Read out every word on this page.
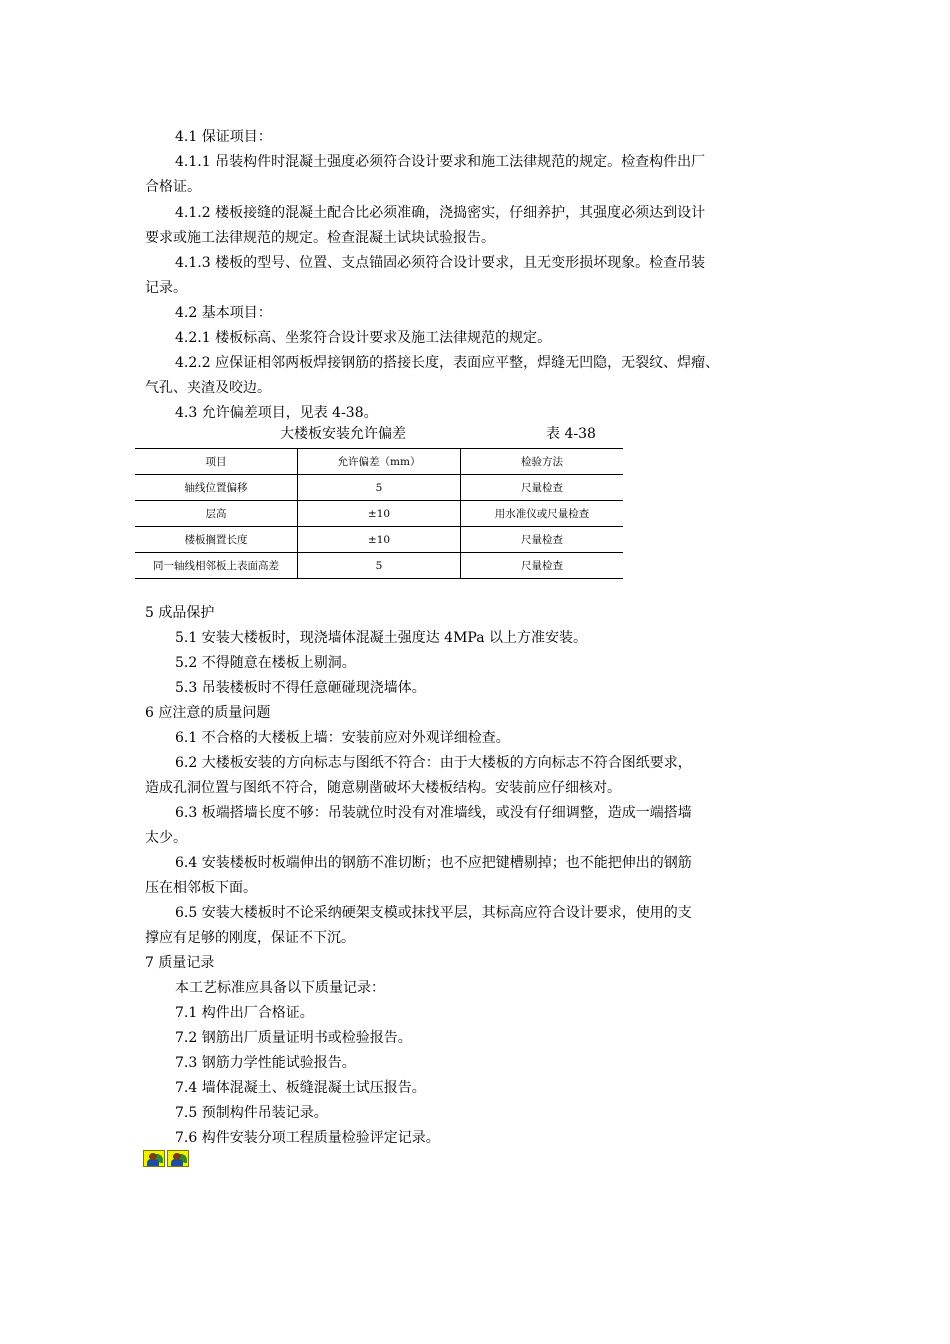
4.1 保证项目：
4.1.1 吊装构件时混凝土强度必须符合设计要求和施工法律规范的规定。检查构件出厂
合格证。
4.1.2 楼板接缝的混凝土配合比必须准确，浇捣密实，仔细养护，其强度必须达到设计
要求或施工法律规范的规定。检查混凝土试块试验报告。
4.1.3 楼板的型号、位置、支点锚固必须符合设计要求，且无变形损坏现象。检查吊装
记录。
4.2 基本项目：
4.2.1 楼板标高、坐浆符合设计要求及施工法律规范的规定。
4.2.2 应保证相邻两板焊接钢筋的搭接长度，表面应平整，焊缝无凹隐，无裂纹、焊瘤、
气孔、夹渣及咬边。
4.3 允许偏差项目，见表 4-38。
大楼板安装允许偏差	表 4-38
项目	允许偏差（mm）	检验方法
轴线位置偏移	5	尺量检查
层高	±10	用水准仪或尺量检查
楼板搁置长度	±10	尺量检查
同一轴线相邻板上表面高差	5	尺量检查
5 成品保护
5.1 安装大楼板时，现浇墙体混凝土强度达 4MPa 以上方准安装。
5.2 不得随意在楼板上剔洞。
5.3 吊装楼板时不得任意砸碰现浇墙体。
6 应注意的质量问题
6.1 不合格的大楼板上墙：安装前应对外观详细检查。
6.2 大楼板安装的方向标志与图纸不符合：由于大楼板的方向标志不符合图纸要求，
造成孔洞位置与图纸不符合，随意剔凿破坏大楼板结构。安装前应仔细核对。
6.3 板端搭墙长度不够：吊装就位时没有对准墙线，或没有仔细调整，造成一端搭墙
太少。
6.4 安装楼板时板端伸出的钢筋不准切断；也不应把键槽剔掉；也不能把伸出的钢筋
压在相邻板下面。
6.5 安装大楼板时不论采纳硬架支模或抹找平层，其标高应符合设计要求，使用的支
撑应有足够的刚度，保证不下沉。
7 质量记录
本工艺标准应具备以下质量记录：
7.1 构件出厂合格证。
7.2 钢筋出厂质量证明书或检验报告。
7.3 钢筋力学性能试验报告。
7.4 墙体混凝土、板缝混凝土试压报告。
7.5 预制构件吊装记录。
7.6 构件安装分项工程质量检验评定记录。
